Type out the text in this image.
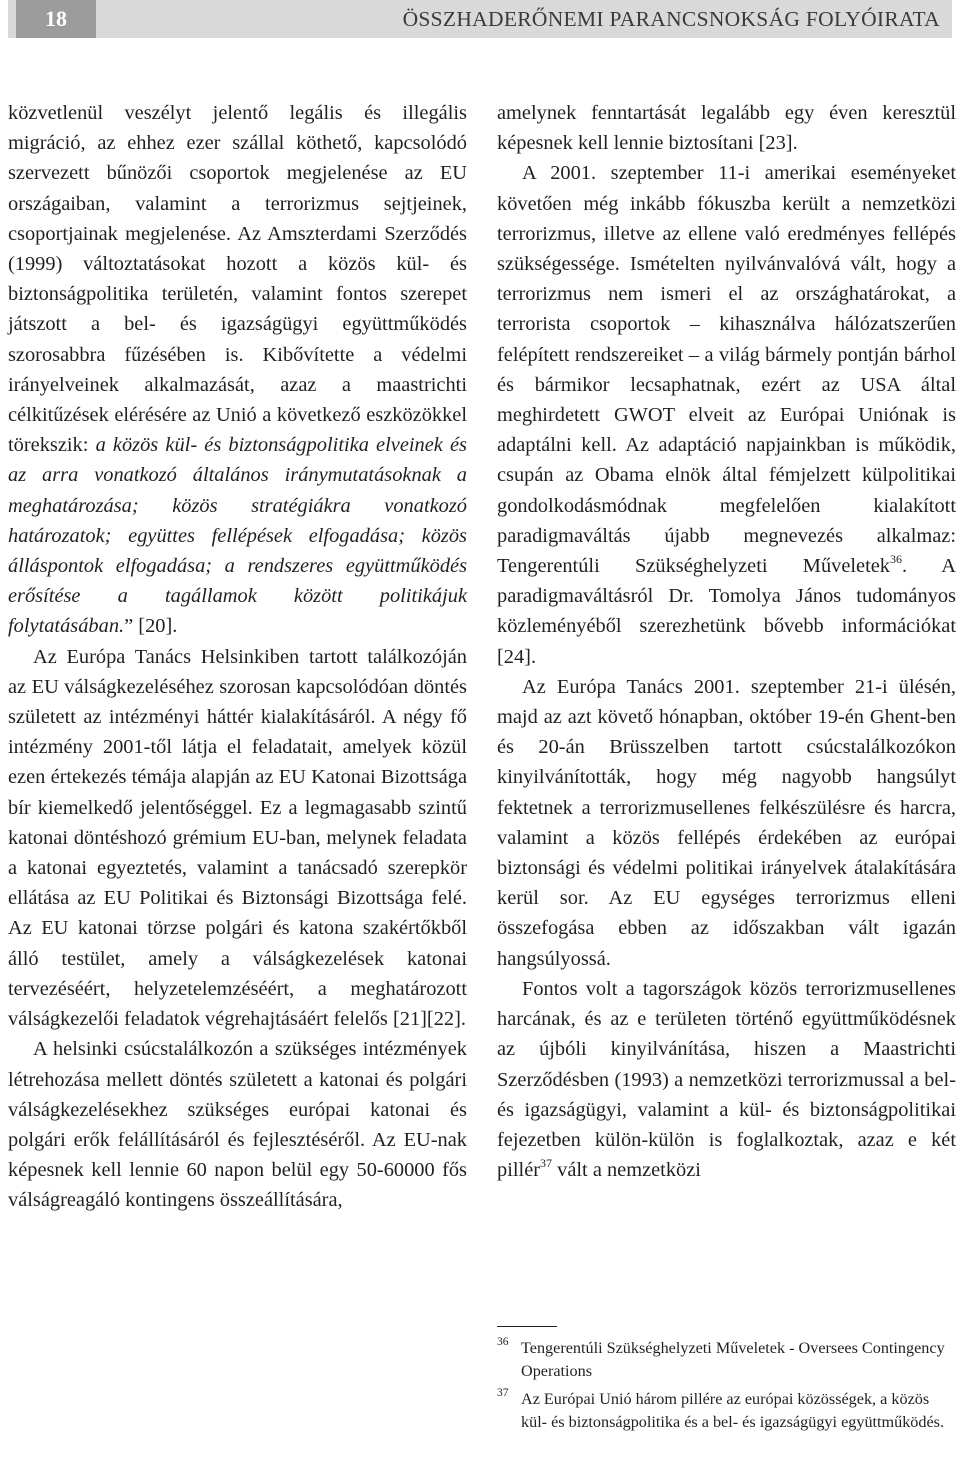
18	ÖSSZHADERŐNEMI PARANCSNOKSÁG FOLYÓIRATA

közvetlenül veszélyt jelentő legális és illegális migráció, az ehhez ezer szállal köthető, kapcsolódó szervezett bűnözői csoportok megjelenése az EU országaiban, valamint a terrorizmus sejtjeinek, csoportjainak megjelenése. Az Amszterdami Szerződés (1999) változtatásokat hozott a közös kül- és biztonságpolitika területén, valamint fontos szerepet játszott a bel- és igazságügyi együttműködés szorosabbra fűzésében is. Kibővítette a védelmi irányelveinek alkalmazását, azaz a maastrichti célkitűzések elérésére az Unió a következő eszközökkel törekszik: a közös kül- és biztonságpolitika elveinek és az arra vonatkozó általános iránymutatásoknak a meghatározása; közös stratégiákra vonatkozó határozatok; együttes fellépések elfogadása; közös álláspontok elfogadása; a rendszeres együttműködés erősítése a tagállamok között politikájuk folytatásában.” [20].

Az Európa Tanács Helsinkiben tartott találkozóján az EU válságkezeléséhez szorosan kapcsolódóan döntés született az intézményi háttér kialakításáról. A négy fő intézmény 2001-től látja el feladatait, amelyek közül ezen értekezés témája alapján az EU Katonai Bizottsága bír kiemelkedő jelentőséggel. Ez a legmagasabb szintű katonai döntéshozó grémium EU-ban, melynek feladata a katonai egyeztetés, valamint a tanácsadó szerepkör ellátása az EU Politikai és Biztonsági Bizottsága felé. Az EU katonai törzse polgári és katona szakértőkből álló testület, amely a válságkezelések katonai tervezéséért, helyzetelemzéséért, a meghatározott válságkezelői feladatok végrehajtásáért felelős [21][22].

A helsinki csúcstalálkozón a szükséges intézmények létrehozása mellett döntés született a katonai és polgári válságkezelésekhez szükséges európai katonai és polgári erők felállításáról és fejlesztéséről. Az EU-nak képesnek kell lennie 60 napon belül egy 50-60000 fős válságreagáló kontingens összeállítására,

amelynek fenntartását legalább egy éven keresztül képesnek kell lennie biztosítani [23].

A 2001. szeptember 11-i amerikai eseményeket követően még inkább fókuszba került a nemzetközi terrorizmus, illetve az ellene való eredményes fellépés szükségessége. Ismételten nyilvánvalóvá vált, hogy a terrorizmus nem ismeri el az országhatárokat, a terrorista csoportok – kihasználva hálózatszerűen felépített rendszereiket – a világ bármely pontján bárhol és bármikor lecsaphatnak, ezért az USA által meghirdetett GWOT elveit az Európai Uniónak is adaptálni kell. Az adaptáció napjainkban is működik, csupán az Obama elnök által fémjelzett külpolitikai gondolkodásmódnak megfelelően kialakított paradigmaváltás újabb megnevezés alkalmaz: Tengerentúli Szükséghelyzeti Műveletek$^{36}$. A paradigmaváltásról Dr. Tomolya János tudományos közleményéből szerezhetünk bővebb információkat [24].

Az Európa Tanács 2001. szeptember 21-i ülésén, majd az azt követő hónapban, október 19-én Ghent-ben és 20-án Brüsszelben tartott csúcstalálkozókon kinyilvánították, hogy még nagyobb hangsúlyt fektetnek a terrorizmusellenes felkészülésre és harcra, valamint a közös fellépés érdekében az európai biztonsági és védelmi politikai irányelvek átalakítására kerül sor. Az EU egységes terrorizmus elleni összefogása ebben az időszakban vált igazán hangsúlyossá.

Fontos volt a tagországok közös terrorizmusellenes harcának, és az e területen történő együttműködésnek az újbóli kinyilvánítása, hiszen a Maastrichti Szerződésben (1993) a nemzetközi terrorizmussal a bel- és igazságügyi, valamint a kül- és biztonságpolitikai fejezetben külön-külön is foglalkoztak, azaz e két pillér$^{37}$ vált a nemzetközi

36 Tengerentúli Szükséghelyzeti Műveletek - Oversees Contingency Operations
37 Az Európai Unió három pillére az európai közösségek, a közös kül- és biztonságpolitika és a bel- és igazságügyi együttműködés.
